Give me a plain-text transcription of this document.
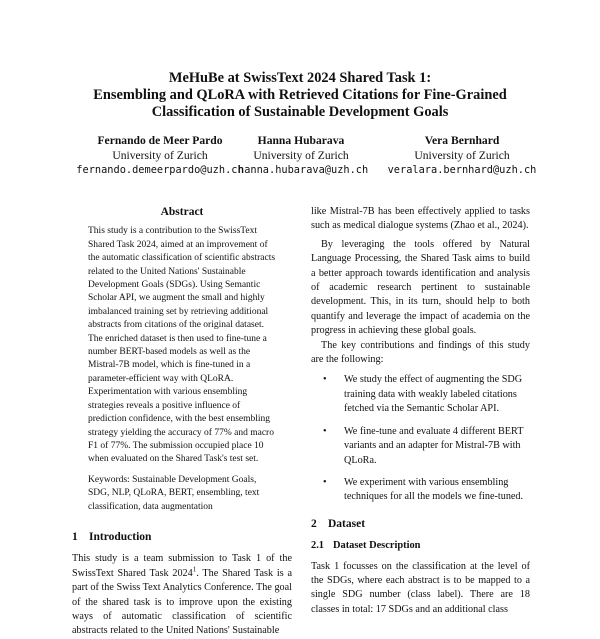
MeHuBe at SwissText 2024 Shared Task 1:
Ensembling and QLoRA with Retrieved Citations for Fine-Grained
Classification of Sustainable Development Goals
Fernando de Meer Pardo
University of Zurich
fernando.demeerpardo@uzh.ch
Hanna Hubarava
University of Zurich
hanna.hubarava@uzh.ch
Vera Bernhard
University of Zurich
veralara.bernhard@uzh.ch
Abstract

This study is a contribution to the SwissText Shared Task 2024, aimed at an improvement of the automatic classification of scientific abstracts related to the United Nations' Sustainable Development Goals (SDGs). Using Semantic Scholar API, we augment the small and highly imbalanced training set by retrieving additional abstracts from citations of the original dataset. The enriched dataset is then used to fine-tune a number BERT-based models as well as the Mistral-7B model, which is fine-tuned in a parameter-efficient way with QLoRA. Experimentation with various ensembling strategies reveals a positive influence of prediction confidence, with the best ensembling strategy yielding the accuracy of 77% and macro F1 of 77%. The submission occupied place 10 when evaluated on the Shared Task's test set.

Keywords: Sustainable Development Goals, SDG, NLP, QLoRA, BERT, ensembling, text classification, data augmentation

1 Introduction

This study is a team submission to Task 1 of the SwissText Shared Task 2024$^1$. The Shared Task is a part of the Swiss Text Analytics Conference. The goal of the shared task is to improve upon the existing ways of automatic classification of scientific abstracts related to the United Nations' Sustainable

like Mistral-7B has been effectively applied to tasks such as medical dialogue systems (Zhao et al., 2024).

By leveraging the tools offered by Natural Language Processing, the Shared Task aims to build a better approach towards identification and analysis of academic research pertinent to sustainable development. This, in its turn, should help to both quantify and leverage the impact of academia on the progress in achieving these global goals.

The key contributions and findings of this study are the following:

• We study the effect of augmenting the SDG training data with weakly labeled citations fetched via the Semantic Scholar API.
• We fine-tune and evaluate 4 different BERT variants and an adapter for Mistral-7B with QLoRa.
• We experiment with various ensembling techniques for all the models we fine-tuned.
2 Dataset
2.1 Dataset Description

Task 1 focusses on the classification at the level of the SDGs, where each abstract is to be mapped to a single SDG number (class label). There are 18 classes in total: 17 SDGs and an additional class
